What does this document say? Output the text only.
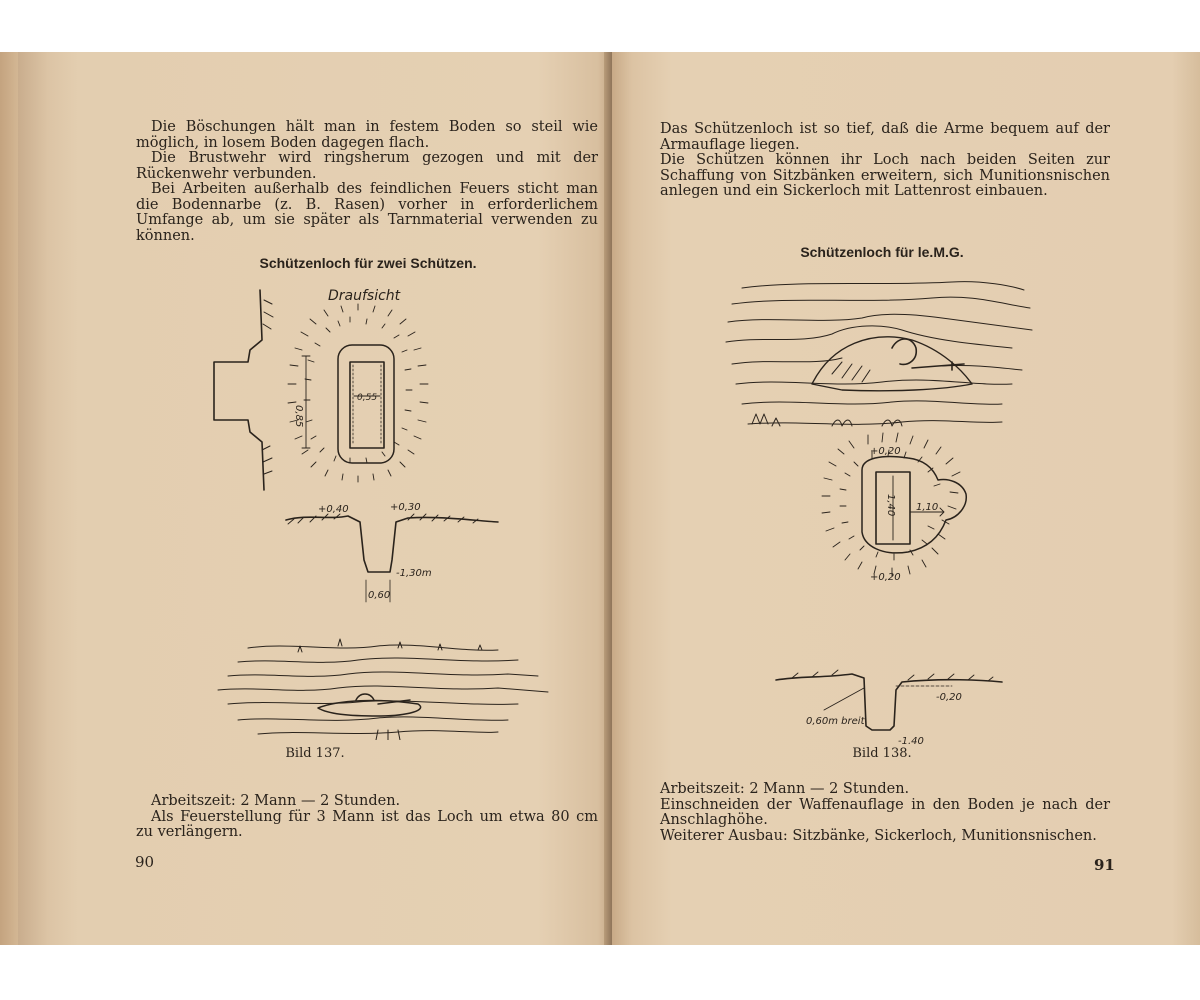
Die Böschungen hält man in festem Boden so steil wie möglich, in losem Boden dagegen flach.

Die Brustwehr wird ringsherum gezogen und mit der Rückenwehr verbunden.

Bei Arbeiten außerhalb des feindlichen Feuers sticht man die Bodennarbe (z. B. Rasen) vorher in erforderlichem Umfange ab, um sie später als Tarnmaterial verwenden zu können.

Schützenloch für zwei Schützen.
Draufsicht
0,85
0,55
+0,40	+0,30
-1,30m
0,60
Bild 137.

Arbeitszeit: 2 Mann — 2 Stunden.

Als Feuerstellung für 3 Mann ist das Loch um etwa 80 cm zu verlängern.

90

Das Schützenloch ist so tief, daß die Arme bequem auf der Armauflage liegen.

Die Schützen können ihr Loch nach beiden Seiten zur Schaffung von Sitzbänken erweitern, sich Munitionsnischen anlegen und ein Sickerloch mit Lattenrost einbauen.

Schützenloch für le.M.G.
1,40 1,10
+0,20
+0,20
-0,20
0,60m breit
-1,40
Bild 138.

Arbeitszeit: 2 Mann — 2 Stunden.

Einschneiden der Waffenauflage in den Boden je nach der Anschlaghöhe.

Weiterer Ausbau: Sitzbänke, Sickerloch, Munitionsnischen.

91
